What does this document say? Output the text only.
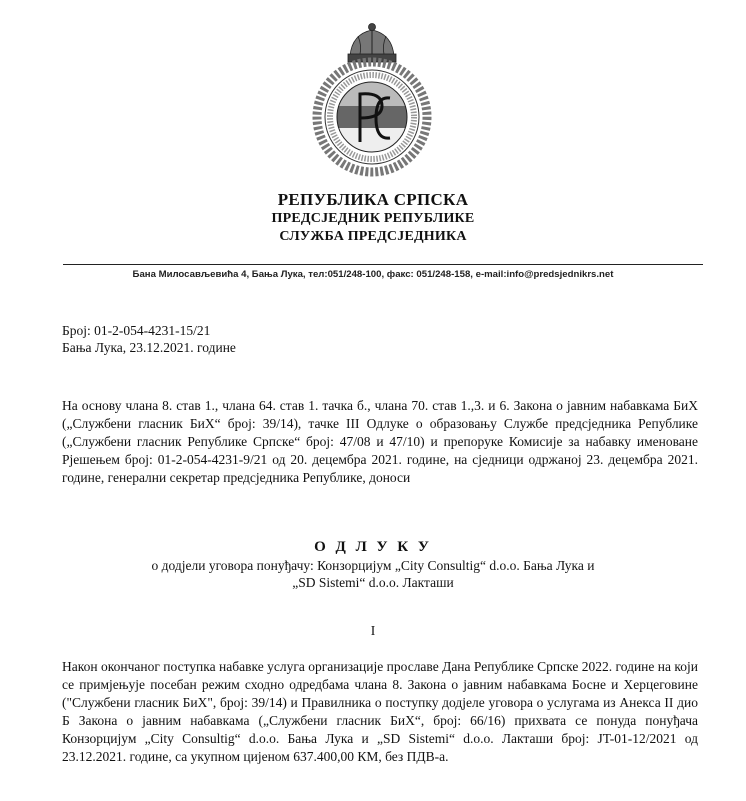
РЕПУБЛИКА СРПСКА
ПРЕДСЈЕДНИК РЕПУБЛИКЕ
СЛУЖБА ПРЕДСЈЕДНИКА
Бана Милосављевића 4, Бања Лука, тел:051/248-100, факс: 051/248-158, e-mail:info@predsjednikrs.net
Број: 01-2-054-4231-15/21
Бања Лука, 23.12.2021. године
На основу члана 8. став 1., члана 64. став 1. тачка б., члана 70. став 1.,3. и 6. Закона о јавним набавкама БиХ („Службени гласник БиХ“ број: 39/14), тачке III Одлуке о образовању Службе предсједника Републике („Службени гласник Републике Српске“ број: 47/08 и 47/10) и препоруке Комисије за набавку именоване Рјешењем број: 01-2-054-4231-9/21 од 20. децембра 2021. године, на сједници одржаној 23. децембра 2021. године, генерални секретар предсједника Републике, доноси
О Д Л У К У
о додјели уговора понуђачу: Конзорцијум „City Consultig“ d.o.o. Бања Лука и
„SD Sistemi“ d.o.o. Лакташи
I
Након окончаног поступка набавке услуга организације прославе Дана Републике Српске 2022. године на који се примјењује посебан режим сходно одредбама члана 8. Закона о јавним набавкама Босне и Херцеговине ("Службени гласник БиХ", број: 39/14) и Правилника о поступку додјеле уговора о услугама из Анекса II дио Б Закона о јавним набавкама („Службени гласник БиХ“, број: 66/16) прихвата се понуда понуђача Конзорцијум „City Consultig“ d.o.o. Бања Лука и „SD Sistemi“ d.o.o. Лакташи број: JT-01-12/2021 од 23.12.2021. године, са укупном цијеном 637.400,00 КМ, без ПДВ-а.
